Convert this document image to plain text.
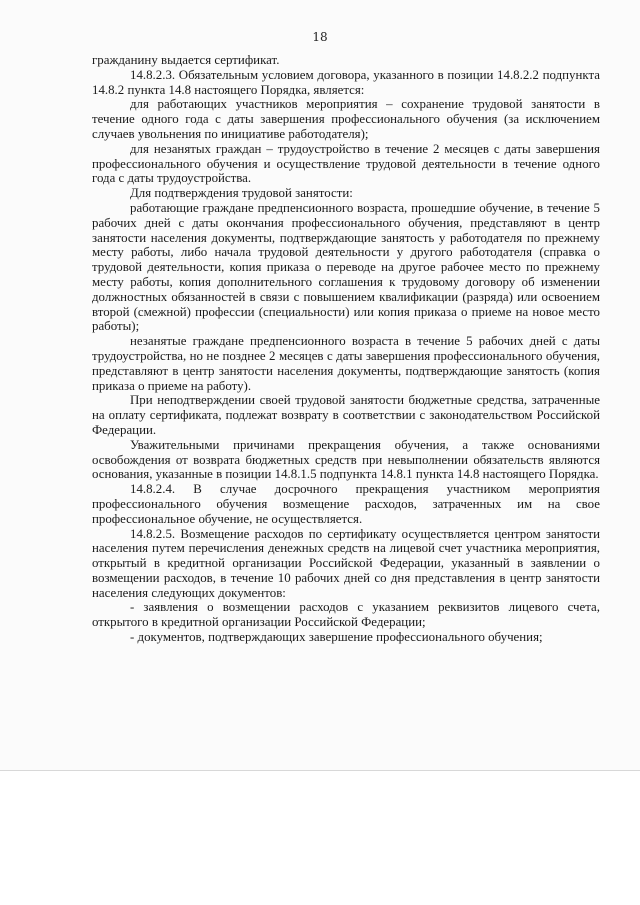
18

гражданину выдается сертификат.

14.8.2.3. Обязательным условием договора, указанного в позиции 14.8.2.2 подпункта 14.8.2 пункта 14.8 настоящего Порядка, является:

для работающих участников мероприятия – сохранение трудовой занятости в течение одного года с даты завершения профессионального обучения (за исключением случаев увольнения по инициативе работодателя);

для незанятых граждан – трудоустройство в течение 2 месяцев с даты завершения профессионального обучения и осуществление трудовой деятельности в течение одного года с даты трудоустройства.

Для подтверждения трудовой занятости:

работающие граждане предпенсионного возраста, прошедшие обучение, в течение 5 рабочих дней с даты окончания профессионального обучения, представляют в центр занятости населения документы, подтверждающие занятость у работодателя по прежнему месту работы, либо начала трудовой деятельности у другого работодателя (справка о трудовой деятельности, копия приказа о переводе на другое рабочее место по прежнему месту работы, копия дополнительного соглашения к трудовому договору об изменении должностных обязанностей в связи с повышением квалификации (разряда) или освоением второй (смежной) профессии (специальности) или копия приказа о приеме на новое место работы);

незанятые граждане предпенсионного возраста в течение 5 рабочих дней с даты трудоустройства, но не позднее 2 месяцев с даты завершения профессионального обучения, представляют в центр занятости населения документы, подтверждающие занятость (копия приказа о приеме на работу).

При неподтверждении своей трудовой занятости бюджетные средства, затраченные на оплату сертификата, подлежат возврату в соответствии с законодательством Российской Федерации.

Уважительными причинами прекращения обучения, а также основаниями освобождения от возврата бюджетных средств при невыполнении обязательств являются основания, указанные в позиции 14.8.1.5 подпункта 14.8.1 пункта 14.8 настоящего Порядка.

14.8.2.4. В случае досрочного прекращения участником мероприятия профессионального обучения возмещение расходов, затраченных им на свое профессиональное обучение, не осуществляется.

14.8.2.5. Возмещение расходов по сертификату осуществляется центром занятости населения путем перечисления денежных средств на лицевой счет участника мероприятия, открытый в кредитной организации Российской Федерации, указанный в заявлении о возмещении расходов, в течение 10 рабочих дней со дня представления в центр занятости населения следующих документов:

- заявления о возмещении расходов с указанием реквизитов лицевого счета, открытого в кредитной организации Российской Федерации;

- документов, подтверждающих завершение профессионального обучения;
